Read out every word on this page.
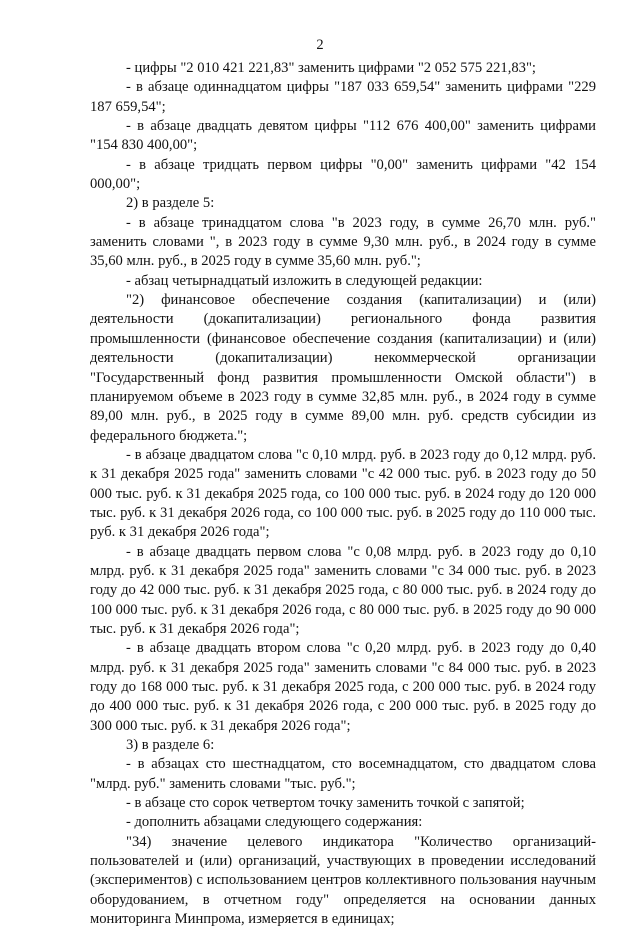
2

- цифры "2 010 421 221,83" заменить цифрами "2 052 575 221,83";

- в абзаце одиннадцатом цифры "187 033 659,54" заменить цифрами "229 187 659,54";

- в абзаце двадцать девятом цифры "112 676 400,00" заменить цифрами "154 830 400,00";

- в абзаце тридцать первом цифры "0,00" заменить цифрами "42 154 000,00";

2) в разделе 5:

- в абзаце тринадцатом слова "в 2023 году, в сумме 26,70 млн. руб." заменить словами ", в 2023 году в сумме 9,30 млн. руб., в 2024 году в сумме 35,60 млн. руб., в 2025 году в сумме 35,60 млн. руб.";

- абзац четырнадцатый изложить в следующей редакции:

"2) финансовое обеспечение создания (капитализации) и (или) деятельности (докапитализации) регионального фонда развития промышленности (финансовое обеспечение создания (капитализации) и (или) деятельности (докапитализации) некоммерческой организации "Государственный фонд развития промышленности Омской области") в планируемом объеме в 2023 году в сумме 32,85 млн. руб., в 2024 году в сумме 89,00 млн. руб., в 2025 году в сумме 89,00 млн. руб. средств субсидии из федерального бюджета.";

- в абзаце двадцатом слова "с 0,10 млрд. руб. в 2023 году до 0,12 млрд. руб. к 31 декабря 2025 года" заменить словами "с 42 000 тыс. руб. в 2023 году до 50 000 тыс. руб. к 31 декабря 2025 года, со 100 000 тыс. руб. в 2024 году до 120 000 тыс. руб. к 31 декабря 2026 года, со 100 000 тыс. руб. в 2025 году до 110 000 тыс. руб. к 31 декабря 2026 года";

- в абзаце двадцать первом слова "с 0,08 млрд. руб. в 2023 году до 0,10 млрд. руб. к 31 декабря 2025 года" заменить словами "с 34 000 тыс. руб. в 2023 году до 42 000 тыс. руб. к 31 декабря 2025 года, с 80 000 тыс. руб. в 2024 году до 100 000 тыс. руб. к 31 декабря 2026 года, с 80 000 тыс. руб. в 2025 году до 90 000 тыс. руб. к 31 декабря 2026 года";

- в абзаце двадцать втором слова "с 0,20 млрд. руб. в 2023 году до 0,40 млрд. руб. к 31 декабря 2025 года" заменить словами "с 84 000 тыс. руб. в 2023 году до 168 000 тыс. руб. к 31 декабря 2025 года, с 200 000 тыс. руб. в 2024 году до 400 000 тыс. руб. к 31 декабря 2026 года, с 200 000 тыс. руб. в 2025 году до 300 000 тыс. руб. к 31 декабря 2026 года";

3) в разделе 6:

- в абзацах сто шестнадцатом, сто восемнадцатом, сто двадцатом слова "млрд. руб." заменить словами "тыс. руб.";

- в абзаце сто сорок четвертом точку заменить точкой с запятой;

- дополнить абзацами следующего содержания:

"34) значение целевого индикатора "Количество организаций-пользователей и (или) организаций, участвующих в проведении исследований (экспериментов) с использованием центров коллективного пользования научным оборудованием, в отчетном году" определяется на основании данных мониторинга Минпрома, измеряется в единицах;
